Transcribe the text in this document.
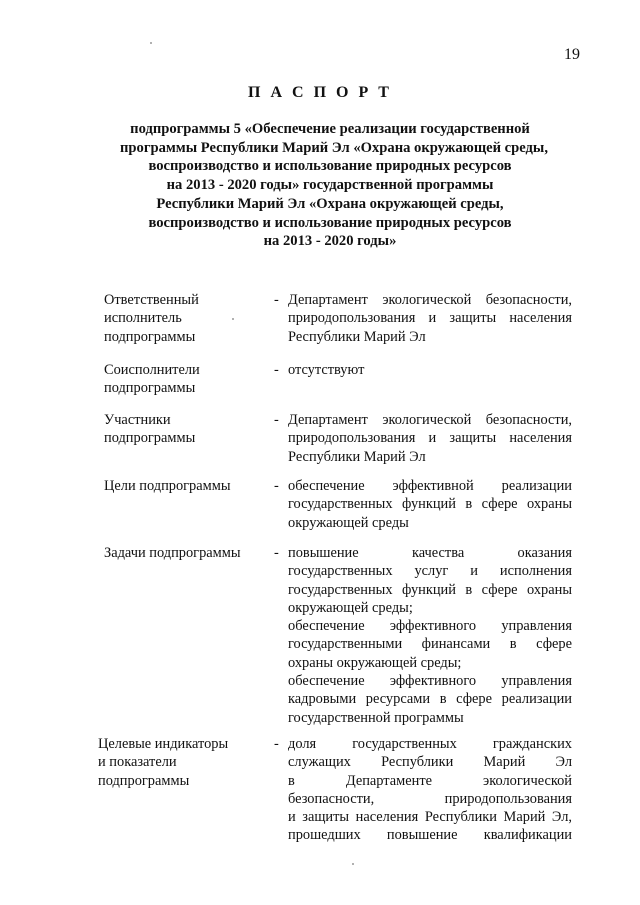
19
П А С П О Р Т
подпрограммы 5 «Обеспечение реализации государственной
программы Республики Марий Эл «Охрана окружающей среды,
воспроизводство и использование природных ресурсов
на 2013 - 2020 годы» государственной программы
Республики Марий Эл «Охрана окружающей среды,
воспроизводство и использование природных ресурсов
на 2013 - 2020 годы»
Ответственный
исполнитель
подпрограммы
- Департамент экологической безопасности,
природопользования и защиты населения
Республики Марий Эл
Соисполнители
подпрограммы
- отсутствуют
Участники
подпрограммы
- Департамент экологической безопасности,
природопользования и защиты населения
Республики Марий Эл
Цели подпрограммы	- обеспечение эффективной реализации
государственных функций в сфере охраны
окружающей среды
Задачи подпрограммы	- повышение качества оказания
государственных услуг и исполнения
государственных функций в сфере охраны
окружающей среды;
обеспечение эффективного управления
государственными финансами в сфере
охраны окружающей среды;
обеспечение эффективного управления
кадровыми ресурсами в сфере реализации
государственной программы
Целевые индикаторы
и показатели
подпрограммы
- доля государственных гражданских
служащих Республики Марий Эл
в Департаменте экологической
безопасности, природопользования
и защиты населения Республики Марий Эл,
прошедших повышение квалификации
